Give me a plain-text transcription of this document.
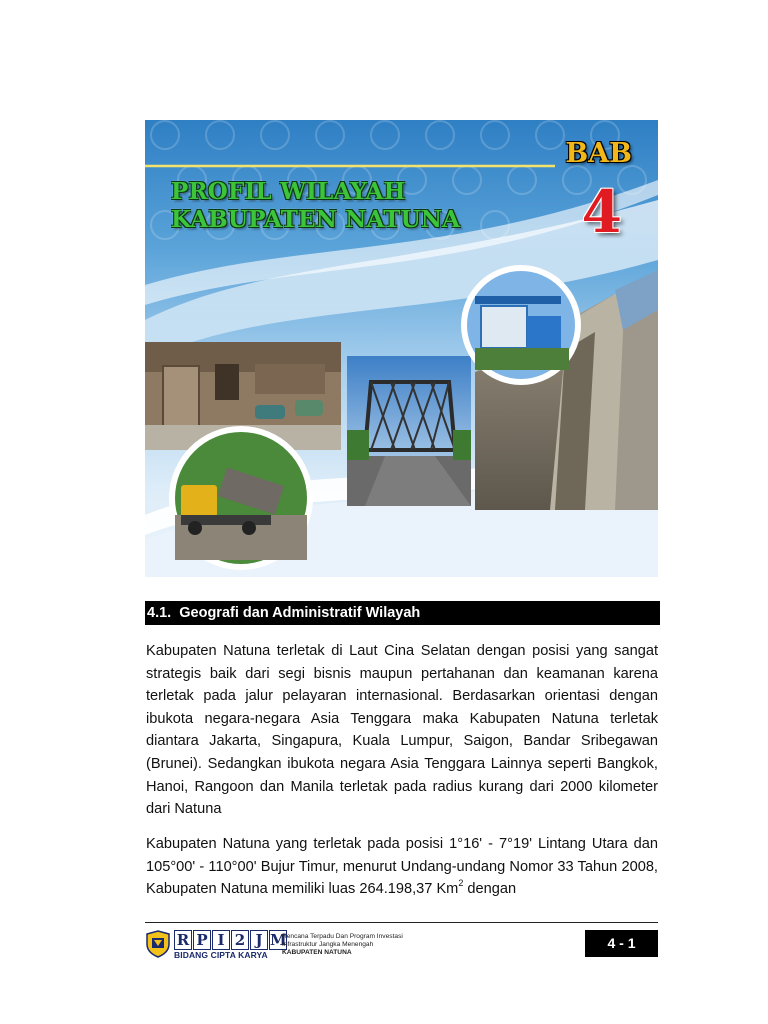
PROFIL WILAYAH
KABUPATEN NATUNA
BAB
4
4.1.  Geografi dan Administratif Wilayah

Kabupaten Natuna terletak di Laut Cina Selatan dengan posisi yang sangat strategis baik dari segi bisnis maupun pertahanan dan keamanan karena terletak pada jalur pelayaran internasional. Berdasarkan orientasi dengan ibukota negara-negara Asia Tenggara maka Kabupaten Natuna terletak diantara Jakarta, Singapura, Kuala Lumpur, Saigon, Bandar Sribegawan (Brunei). Sedangkan ibukota negara Asia Tenggara Lainnya seperti Bangkok, Hanoi, Rangoon dan Manila terletak pada radius kurang dari 2000 kilometer dari Natuna

Kabupaten Natuna yang terletak pada posisi 1°16' - 7°19' Lintang Utara dan 105°00' - 110°00' Bujur Timur, menurut Undang-undang Nomor 33 Tahun 2008, Kabupaten Natuna memiliki luas 264.198,37 Km$^2$ dengan

R P I 2 J M
BIDANG CIPTA KARYA
Rencana Terpadu Dan Program Investasi
Infrastruktur Jangka Menengah
KABUPATEN NATUNA
4 - 1
